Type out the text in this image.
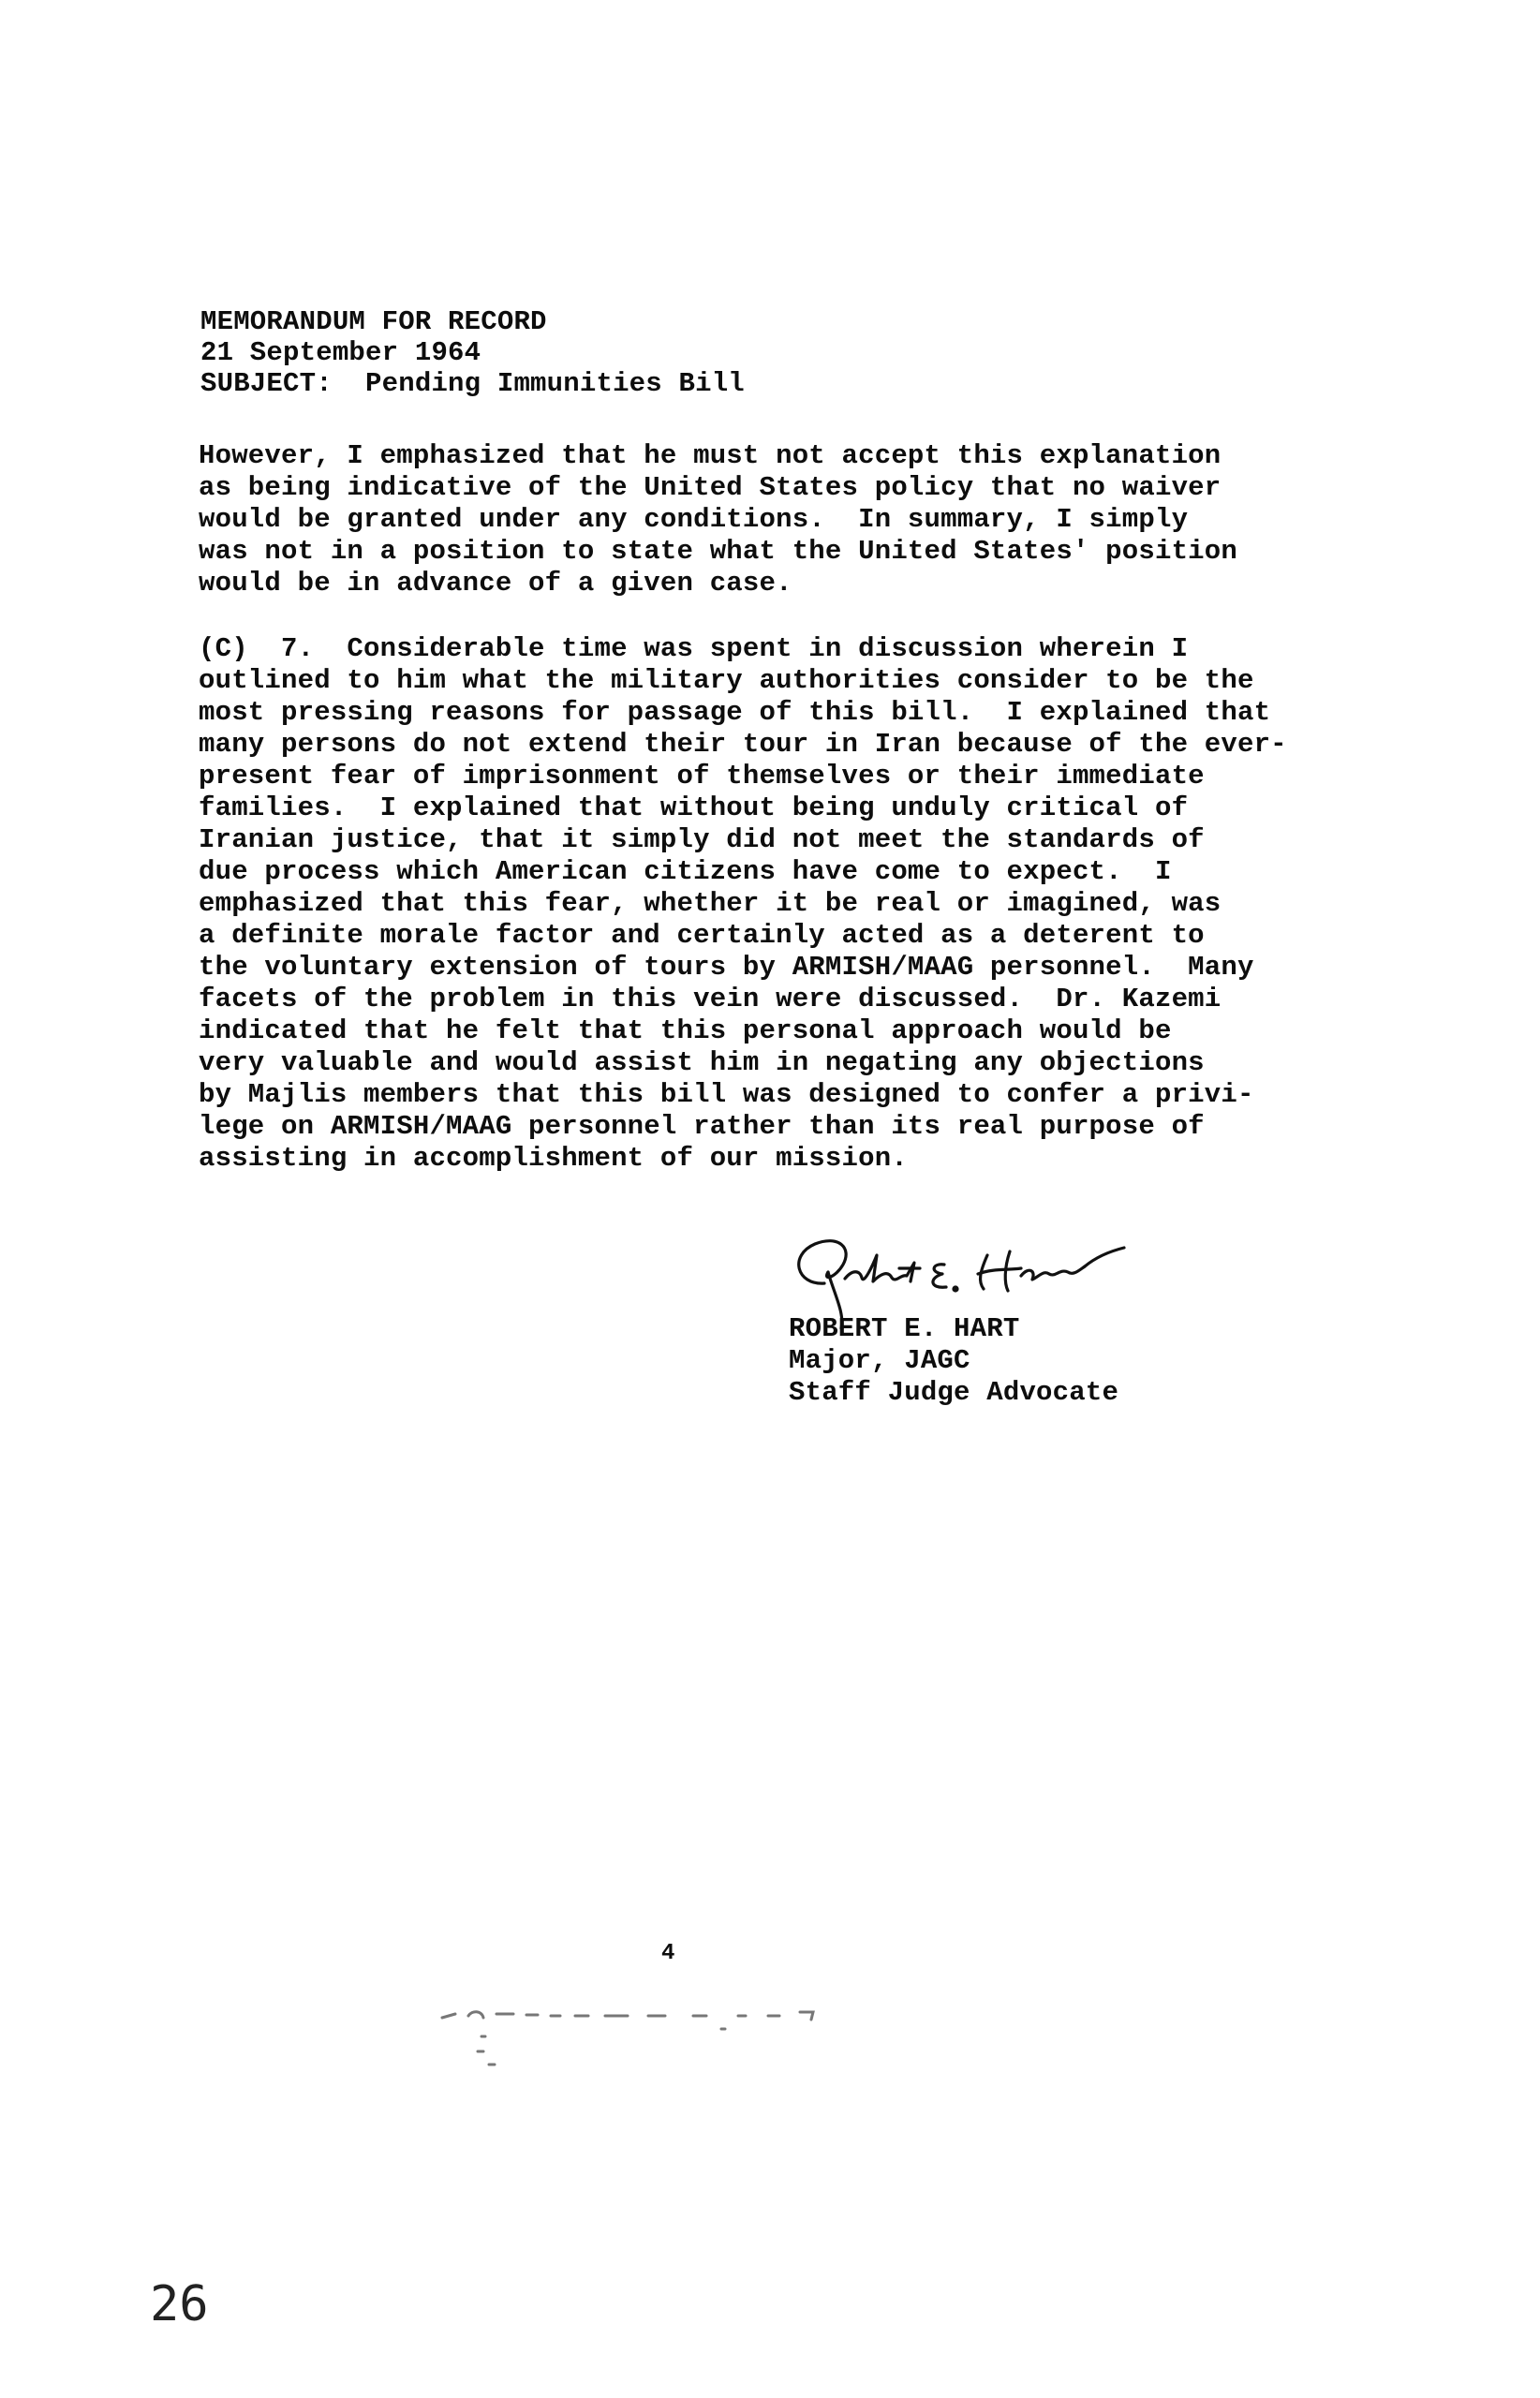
MEMORANDUM FOR RECORD
21 September 1964
SUBJECT:  Pending Immunities Bill
However, I emphasized that he must not accept this explanation
as being indicative of the United States policy that no waiver
would be granted under any conditions.  In summary, I simply
was not in a position to state what the United States' position
would be in advance of a given case.
(C)  7.  Considerable time was spent in discussion wherein I
outlined to him what the military authorities consider to be the
most pressing reasons for passage of this bill.  I explained that
many persons do not extend their tour in Iran because of the ever-
present fear of imprisonment of themselves or their immediate
families.  I explained that without being unduly critical of
Iranian justice, that it simply did not meet the standards of
due process which American citizens have come to expect.  I
emphasized that this fear, whether it be real or imagined, was
a definite morale factor and certainly acted as a deterent to
the voluntary extension of tours by ARMISH/MAAG personnel.  Many
facets of the problem in this vein were discussed.  Dr. Kazemi
indicated that he felt that this personal approach would be
very valuable and would assist him in negating any objections
by Majlis members that this bill was designed to confer a privi-
lege on ARMISH/MAAG personnel rather than its real purpose of
assisting in accomplishment of our mission.
ROBERT E. HART
Major, JAGC
Staff Judge Advocate
4
26
